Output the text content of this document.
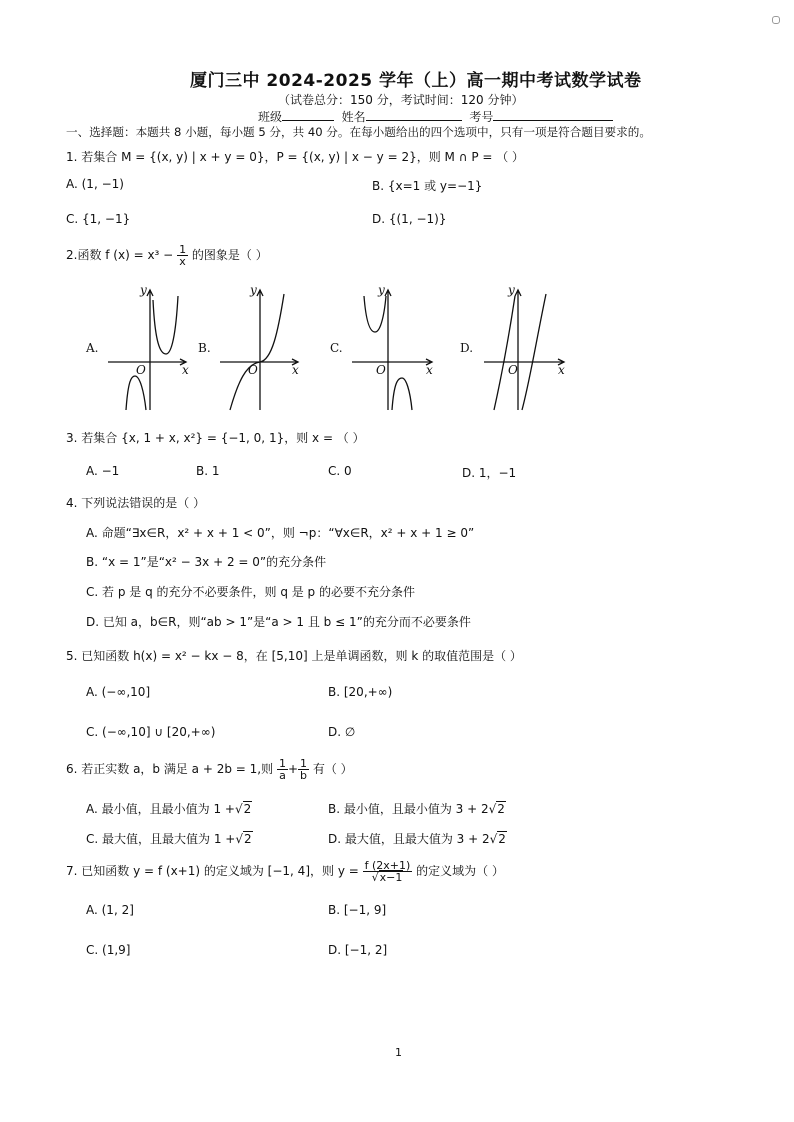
厦门三中 2024-2025 学年（上）高一期中考试数学试卷
（试卷总分：150 分，考试时间：120 分钟）
班级	姓名	考号
一、选择题：本题共 8 小题，每小题 5 分，共 40 分。在每小题给出的四个选项中，只有一项是符合题目要求的。
1. 若集合 M = {(x, y) | x + y = 0}，P = {(x, y) | x − y = 2}，则 M ∩ P = （ ）
A. (1, −1)	B. {x=1 或 y=−1}
C. {1, −1}	D. {(1, −1)}
2.函数 f $(x) = x^3 - \frac{1}{x}$ 的图象是（ ）
y
x
O
y
x
O
y
x
O
y
x
O
A.	B.	C.	D.
3. 若集合 {x, 1 + x, x²} = {−1, 0, 1}，则 x = （ ）
A. −1	B. 1	C. 0	D. 1，−1
4. 下列说法错误的是（ ）
A. 命题“∃x∈R，x² + x + 1 < 0”，则 ¬p：“∀x∈R，x² + x + 1 ≥ 0”
B. “x = 1”是“x² − 3x + 2 = 0”的充分条件
C. 若 p 是 q 的充分不必要条件，则 q 是 p 的必要不充分条件
D. 已知 a，b∈R，则“ab > 1”是“a > 1 且 b ≤ 1”的充分而不必要条件
5. 已知函数 h(x) = x² − kx − 8，在 [5,10] 上是单调函数，则 k 的取值范围是（ ）
A. (−∞,10]	B. [20,+∞)
C. (−∞,10] ∪ [20,+∞)	D. ∅
6. 若正实数 a，b 满足 a + 2b = 1,则 $\frac{1}{a} + \frac{1}{b}$ 有（ ）
A. 最小值，且最小值为 1 +√2	B. 最小值，且最小值为 3 + 2√2
C. 最大值，且最大值为 1 +√2	D. 最大值，且最大值为 3 + 2√2
7. 已知函数 y = f (x+1) 的定义域为 [−1, 4]，则 $y = \frac{f (2x+1)}{√x-1}$ 的定义域为（ ）
A. (1, 2]	B. [−1, 9]
C. (1,9]	D. [−1, 2]
1
